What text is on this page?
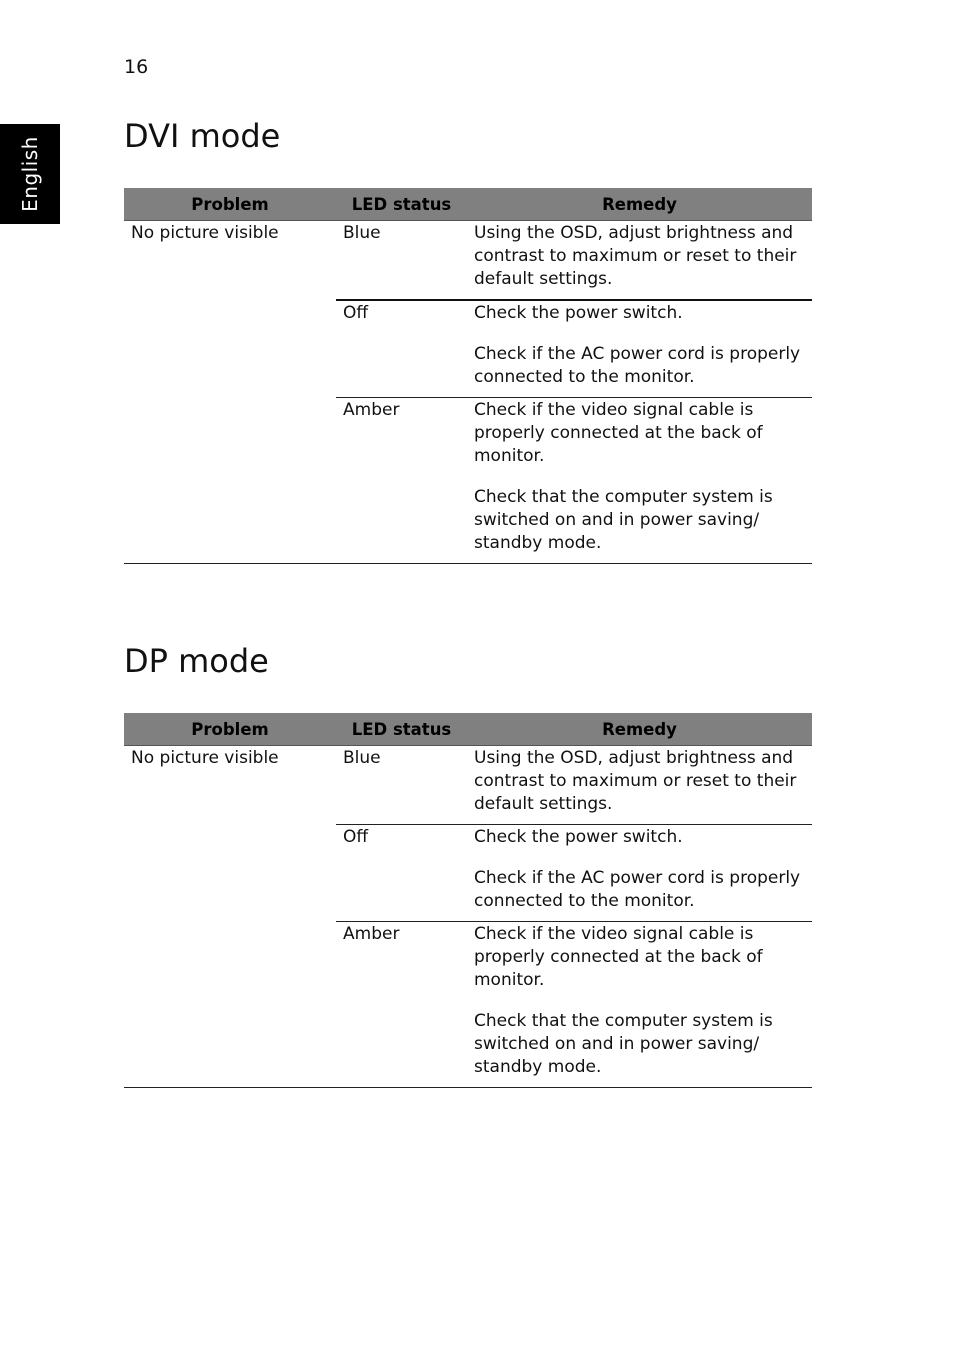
16
English
DVI mode
Problem	LED status	Remedy
No picture visible	Blue	Using the OSD, adjust brightness and contrast to maximum or reset to their default settings.

	Off	Check the power switch.
Check if the AC power cord is properly connected to the monitor.

	Amber	Check if the video signal cable is properly connected at the back of monitor.
Check that the computer system is switched on and in power saving/ standby mode.

DP mode
Problem	LED status	Remedy
No picture visible	Blue	Using the OSD, adjust brightness and contrast to maximum or reset to their default settings.

	Off	Check the power switch.
Check if the AC power cord is properly connected to the monitor.

	Amber	Check if the video signal cable is properly connected at the back of monitor.
Check that the computer system is switched on and in power saving/ standby mode.
